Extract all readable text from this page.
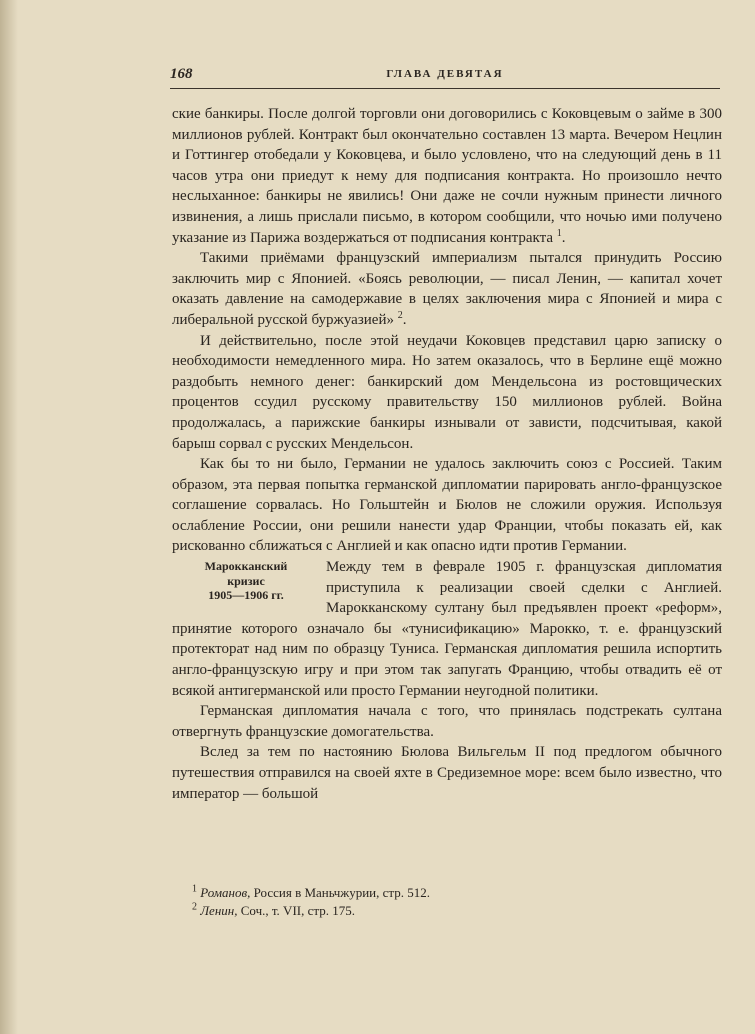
168	ГЛАВА ДЕВЯТАЯ

ские банкиры. После долгой торговли они договорились с Коковцевым о займе в 300 миллионов рублей. Контракт был окончательно составлен 13 марта. Вечером Нецлин и Готтингер отобедали у Коковцева, и было условлено, что на следующий день в 11 часов утра они приедут к нему для подписания контракта. Но произошло нечто неслыханное: банкиры не явились! Они даже не сочли нужным принести личного извинения, а лишь прислали письмо, в котором сообщили, что ночью ими получено указание из Парижа воздержаться от подписания контракта $^1$.

Такими приёмами французский империализм пытался принудить Россию заключить мир с Японией. «Боясь революции, — писал Ленин, — капитал хочет оказать давление на самодержавие в целях заключения мира с Японией и мира с либеральной русской буржуазией» $^2$.

И действительно, после этой неудачи Коковцев представил царю записку о необходимости немедленного мира. Но затем оказалось, что в Берлине ещё можно раздобыть немного денег: банкирский дом Мендельсона из ростовщических процентов ссудил русскому правительству 150 миллионов рублей. Война продолжалась, а парижские банкиры изнывали от зависти, подсчитывая, какой барыш сорвал с русских Мендельсон.

Как бы то ни было, Германии не удалось заключить союз с Россией. Таким образом, эта первая попытка германской дипломатии парировать англо-французское соглашение сорвалась. Но Гольштейн и Бюлов не сложили оружия. Используя ослабление России, они решили нанести удар Франции, чтобы показать ей, как рискованно сближаться с Англией и как опасно идти против Германии.

Марокканский
кризис
1905—1906 гг.
Между тем в феврале 1905 г. французская дипломатия приступила к реализации своей сделки с Англией. Марокканскому султану был предъявлен проект «реформ», принятие которого означало бы «тунисификацию» Марокко, т. е. французский протекторат над ним по образцу Туниса. Германская дипломатия решила испортить англо-французскую игру и при этом так запугать Францию, чтобы отвадить её от всякой антигерманской или просто Германии неугодной политики.

Германская дипломатия начала с того, что принялась подстрекать султана отвергнуть французские домогательства.

Вслед за тем по настоянию Бюлова Вильгельм II под предлогом обычного путешествия отправился на своей яхте в Средиземное море: всем было известно, что император — большой

$^1$ Романов, Россия в Маньчжурии, стр. 512.
$^2$ Ленин, Соч., т. VII, стр. 175.
